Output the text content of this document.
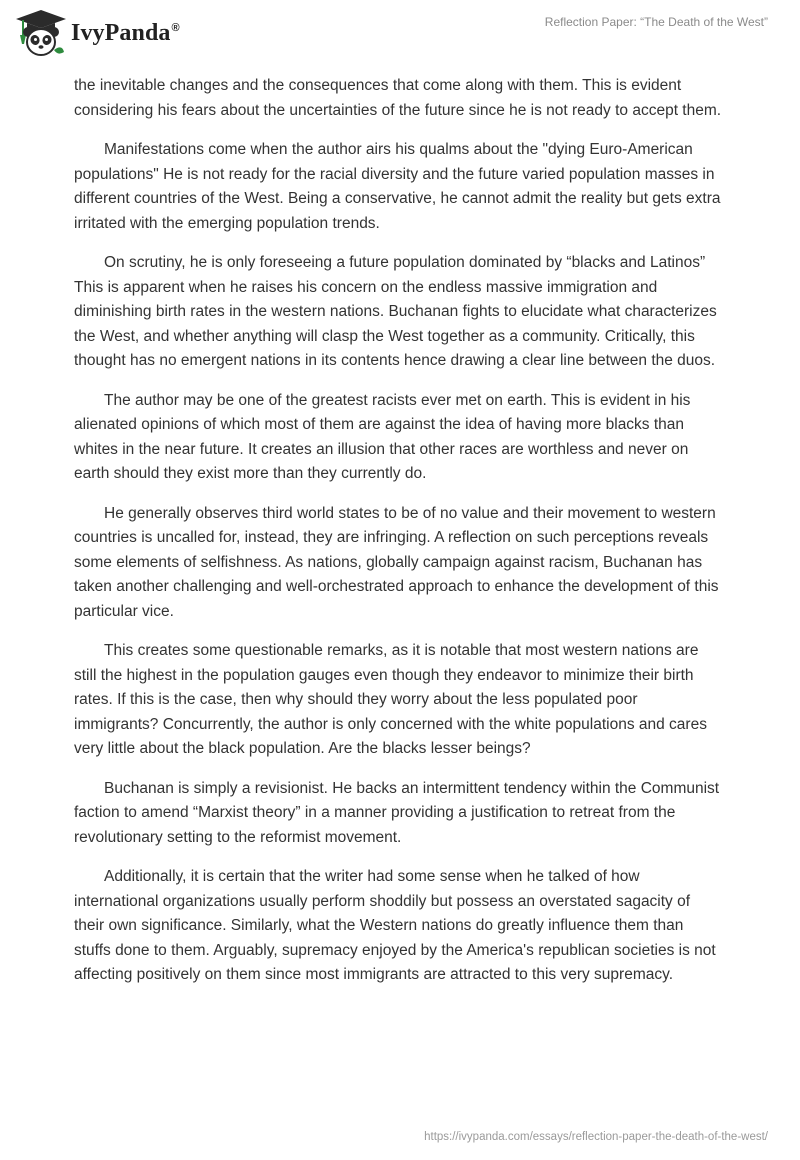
IvyPanda®	Reflection Paper: “The Death of the West”

the inevitable changes and the consequences that come along with them. This is evident considering his fears about the uncertainties of the future since he is not ready to accept them.

Manifestations come when the author airs his qualms about the "dying Euro-American populations" He is not ready for the racial diversity and the future varied population masses in different countries of the West. Being a conservative, he cannot admit the reality but gets extra irritated with the emerging population trends.

On scrutiny, he is only foreseeing a future population dominated by “blacks and Latinos” This is apparent when he raises his concern on the endless massive immigration and diminishing birth rates in the western nations. Buchanan fights to elucidate what characterizes the West, and whether anything will clasp the West together as a community. Critically, this thought has no emergent nations in its contents hence drawing a clear line between the duos.

The author may be one of the greatest racists ever met on earth. This is evident in his alienated opinions of which most of them are against the idea of having more blacks than whites in the near future. It creates an illusion that other races are worthless and never on earth should they exist more than they currently do.

He generally observes third world states to be of no value and their movement to western countries is uncalled for, instead, they are infringing. A reflection on such perceptions reveals some elements of selfishness. As nations, globally campaign against racism, Buchanan has taken another challenging and well-orchestrated approach to enhance the development of this particular vice.

This creates some questionable remarks, as it is notable that most western nations are still the highest in the population gauges even though they endeavor to minimize their birth rates. If this is the case, then why should they worry about the less populated poor immigrants? Concurrently, the author is only concerned with the white populations and cares very little about the black population. Are the blacks lesser beings?

Buchanan is simply a revisionist. He backs an intermittent tendency within the Communist faction to amend “Marxist theory” in a manner providing a justification to retreat from the revolutionary setting to the reformist movement.

Additionally, it is certain that the writer had some sense when he talked of how international organizations usually perform shoddily but possess an overstated sagacity of their own significance. Similarly, what the Western nations do greatly influence them than stuffs done to them. Arguably, supremacy enjoyed by the America's republican societies is not affecting positively on them since most immigrants are attracted to this very supremacy.

https://ivypanda.com/essays/reflection-paper-the-death-of-the-west/
